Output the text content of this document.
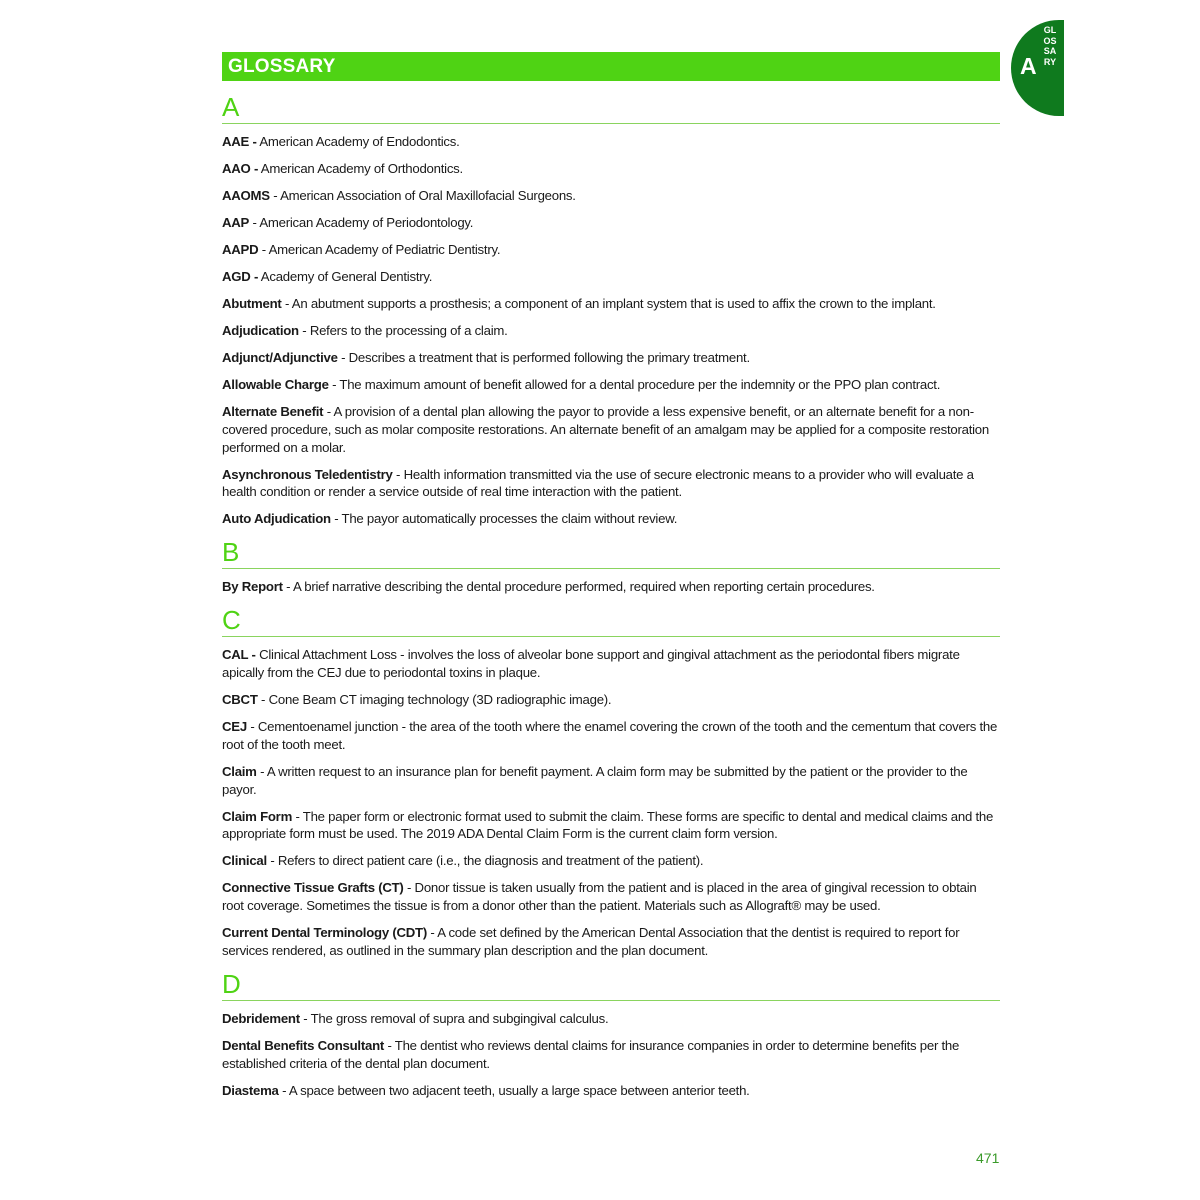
A
GLOSSARY
GLOSSARY
A
AAE - American Academy of Endodontics.
AAO - American Academy of Orthodontics.
AAOMS - American Association of Oral Maxillofacial Surgeons.
AAP - American Academy of Periodontology.
AAPD - American Academy of Pediatric Dentistry.
AGD - Academy of General Dentistry.
Abutment - An abutment supports a prosthesis; a component of an implant system that is used to affix the crown to the implant.
Adjudication - Refers to the processing of a claim.
Adjunct/Adjunctive - Describes a treatment that is performed following the primary treatment.
Allowable Charge - The maximum amount of benefit allowed for a dental procedure per the indemnity or the PPO plan contract.
Alternate Benefit - A provision of a dental plan allowing the payor to provide a less expensive benefit, or an alternate benefit for a non-covered procedure, such as molar composite restorations. An alternate benefit of an amalgam may be applied for a composite restoration performed on a molar.
Asynchronous Teledentistry - Health information transmitted via the use of secure electronic means to a provider who will evaluate a health condition or render a service outside of real time interaction with the patient.
Auto Adjudication - The payor automatically processes the claim without review.
B
By Report - A brief narrative describing the dental procedure performed, required when reporting certain procedures.
C
CAL - Clinical Attachment Loss - involves the loss of alveolar bone support and gingival attachment as the periodontal fibers migrate apically from the CEJ due to periodontal toxins in plaque.
CBCT - Cone Beam CT imaging technology (3D radiographic image).
CEJ - Cementoenamel junction - the area of the tooth where the enamel covering the crown of the tooth and the cementum that covers the root of the tooth meet.
Claim - A written request to an insurance plan for benefit payment. A claim form may be submitted by the patient or the provider to the payor.
Claim Form - The paper form or electronic format used to submit the claim. These forms are specific to dental and medical claims and the appropriate form must be used. The 2019 ADA Dental Claim Form is the current claim form version.
Clinical - Refers to direct patient care (i.e., the diagnosis and treatment of the patient).
Connective Tissue Grafts (CT) - Donor tissue is taken usually from the patient and is placed in the area of gingival recession to obtain root coverage. Sometimes the tissue is from a donor other than the patient. Materials such as Allograft® may be used.
Current Dental Terminology (CDT) - A code set defined by the American Dental Association that the dentist is required to report for services rendered, as outlined in the summary plan description and the plan document.
D
Debridement - The gross removal of supra and subgingival calculus.
Dental Benefits Consultant - The dentist who reviews dental claims for insurance companies in order to determine benefits per the established criteria of the dental plan document.
Diastema - A space between two adjacent teeth, usually a large space between anterior teeth.
471
